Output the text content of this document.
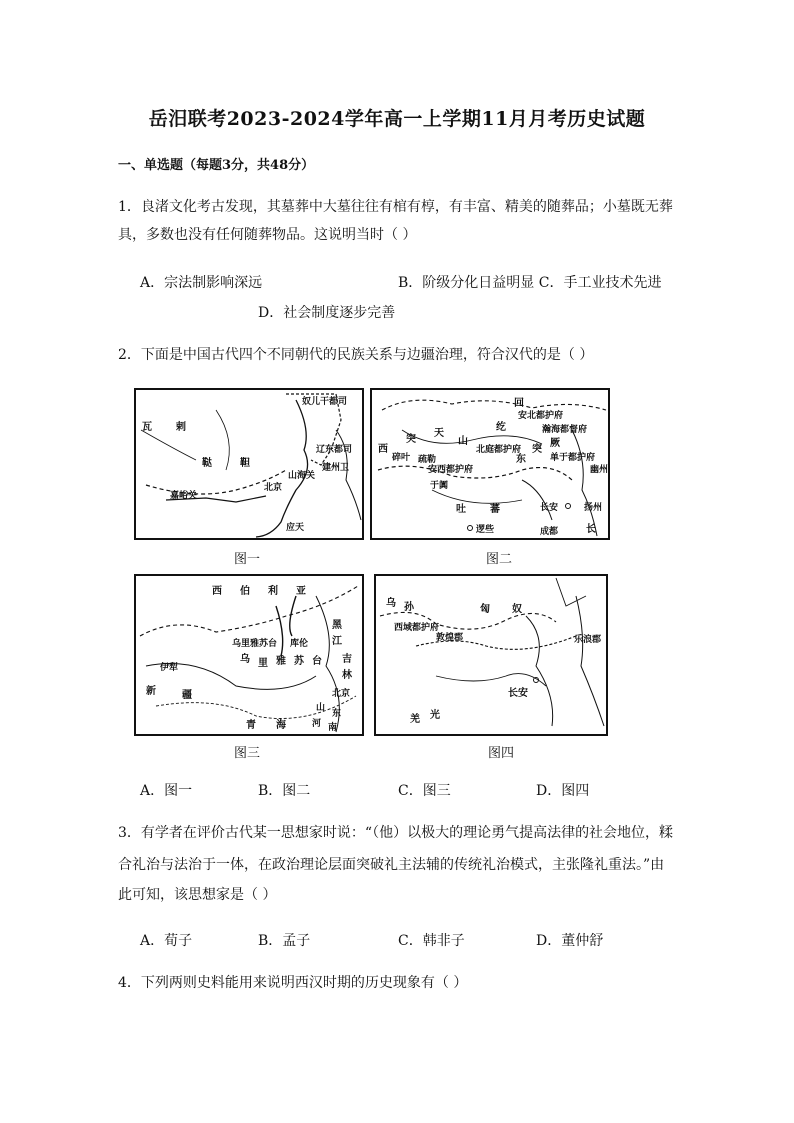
岳汨联考2023-2024学年高一上学期11月月考历史试题
一、单选题（每题3分，共48分）
1．良渚文化考古发现，其墓葬中大墓往往有棺有椁，有丰富、精美的随葬品；小墓既无葬
具，多数也没有任何随葬物品。这说明当时（ ）
A．宗法制影响深远	B．阶级分化日益明显 C．手工业技术先进
D．社会制度逐步完善
2．下面是中国古代四个不同朝代的民族关系与边疆治理，符合汉代的是（ ）
奴儿干都司
瓦 剌
鞑	靼
辽东都司
建州卫
嘉峪关
北京
山海关
应天
图一
回
安北都护府
纥	瀚海都督府
西
突
天
山
北庭都护府
东
突
厥
单于都护府
碎叶 疏勒
安西都护府
于阗
吐 蕃
逻些
长安
幽州
成都
扬州
长
图二
西 伯 利 亚
乌里雅苏台
乌 里 雅 苏 台
伊犁
新	疆
青 海
库伦
黑
江
吉
林
北京
山
东
河 南
图三
乌 孙	匈 奴
西域都护府
敦煌郡
长安
乐浪郡
羌 光
图四
A．图一	B．图二	C．图三	D．图四
3．有学者在评价古代某一思想家时说：“（他）以极大的理论勇气提高法律的社会地位，糅
合礼治与法治于一体，在政治理论层面突破礼主法辅的传统礼治模式，主张隆礼重法。”由
此可知，该思想家是（ ）
A．荀子	B．孟子	C．韩非子	D．董仲舒
4．下列两则史料能用来说明西汉时期的历史现象有（ ）
